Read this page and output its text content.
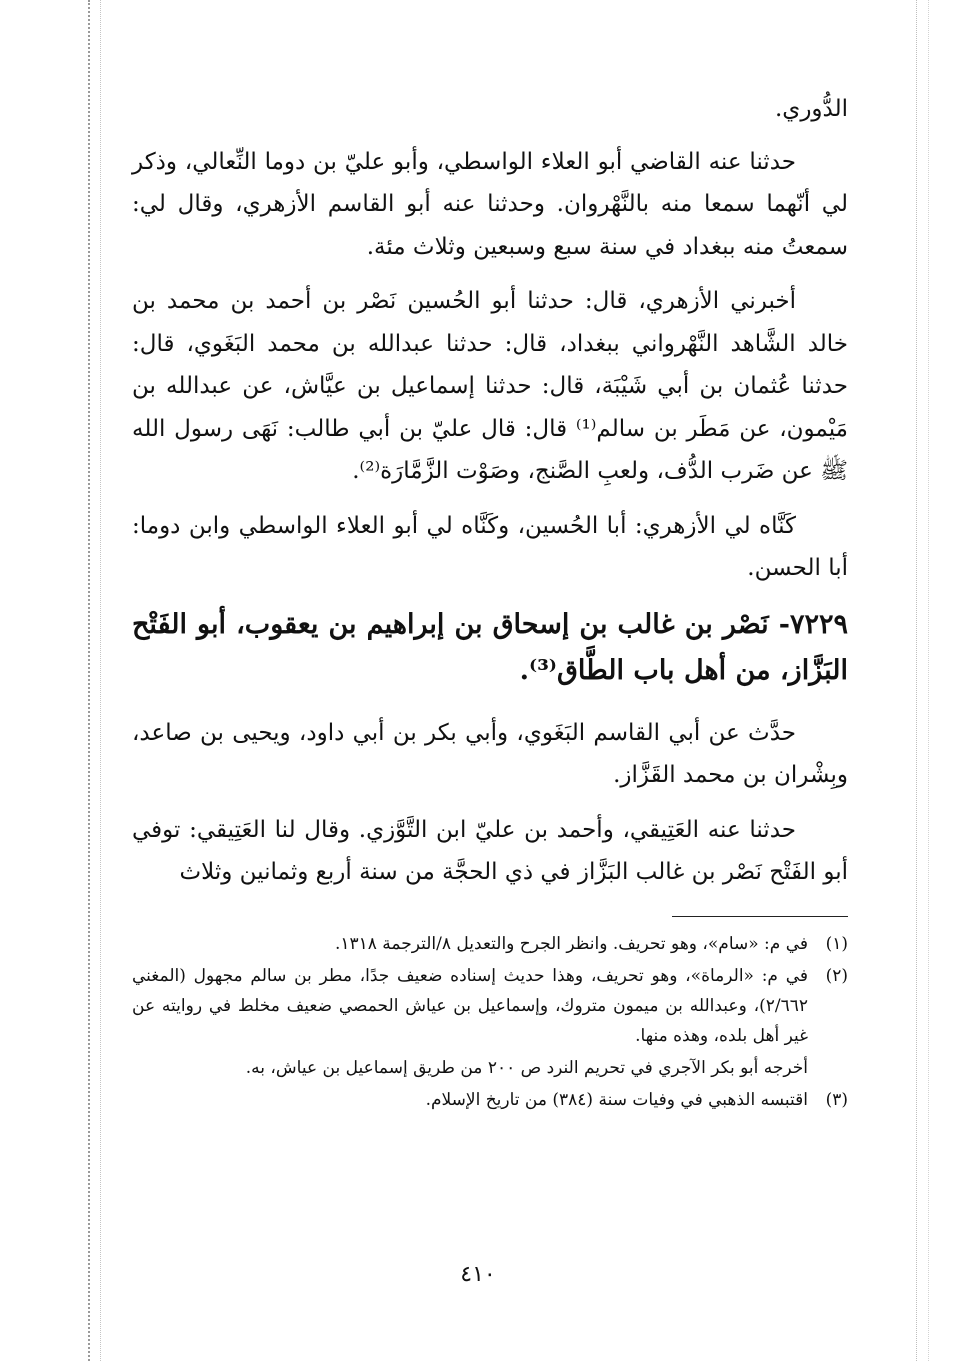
الدُّوري.

حدثنا عنه القاضي أبو العلاء الواسطي، وأبو عليّ بن دوما النِّعالي، وذكر لي أنّهما سمعا منه بالنَّهْروان. وحدثنا عنه أبو القاسم الأزهري، وقال لي: سمعتُ منه ببغداد في سنة سبع وسبعين وثلاث مئة.

أخبرني الأزهري، قال: حدثنا أبو الحُسين نَصْر بن أحمد بن محمد بن خالد الشَّاهد النَّهْرواني ببغداد، قال: حدثنا عبدالله بن محمد البَغَوي، قال: حدثنا عُثمان بن أبي شَيْبَة، قال: حدثنا إسماعيل بن عيَّاش، عن عبدالله بن مَيْمون، عن مَطَر بن سالم⁽¹⁾ قال: قال عليّ بن أبي طالب: نَهَى رسول الله ﷺ عن ضَرب الدُّف، ولعبِ الصَّنج، وصَوْت الزَّمَّارَة⁽²⁾.

كَنَّاه لي الأزهري: أبا الحُسين، وكَنَّاه لي أبو العلاء الواسطي وابن دوما: أبا الحسن.

٧٢٢٩- نَصْر بن غالب بن إسحاق بن إبراهيم بن يعقوب، أبو الفَتْح البَزَّاز، من أهل باب الطَّاق⁽³⁾.

حدَّث عن أبي القاسم البَغَوي، وأبي بكر بن أبي داود، ويحيى بن صاعد، وبِشْران بن محمد القَزَّاز.

حدثنا عنه العَتِيقي، وأحمد بن عليّ ابن التَّوَّزي. وقال لنا العَتِيقي: توفي أبو الفَتْح نَصْر بن غالب البَزَّاز في ذي الحجَّة من سنة أربع وثمانين وثلاث

(١)
في م: «سام»، وهو تحريف. وانظر الجرح والتعديل ٨/الترجمة ١٣١٨.
(٢)
في م: «الرماة»، وهو تحريف، وهذا حديث إسناده ضعيف جدًا، مطر بن سالم مجهول (المغني ٢/٦٦٢)، وعبدالله بن ميمون متروك، وإسماعيل بن عياش الحمصي ضعيف مخلط في روايته عن غير أهل بلده، وهذه منها.
أخرجه أبو بكر الآجري في تحريم النرد ص ٢٠٠ من طريق إسماعيل بن عياش، به.
(٣)
اقتبسه الذهبي في وفيات سنة (٣٨٤) من تاريخ الإسلام.
٤١٠
